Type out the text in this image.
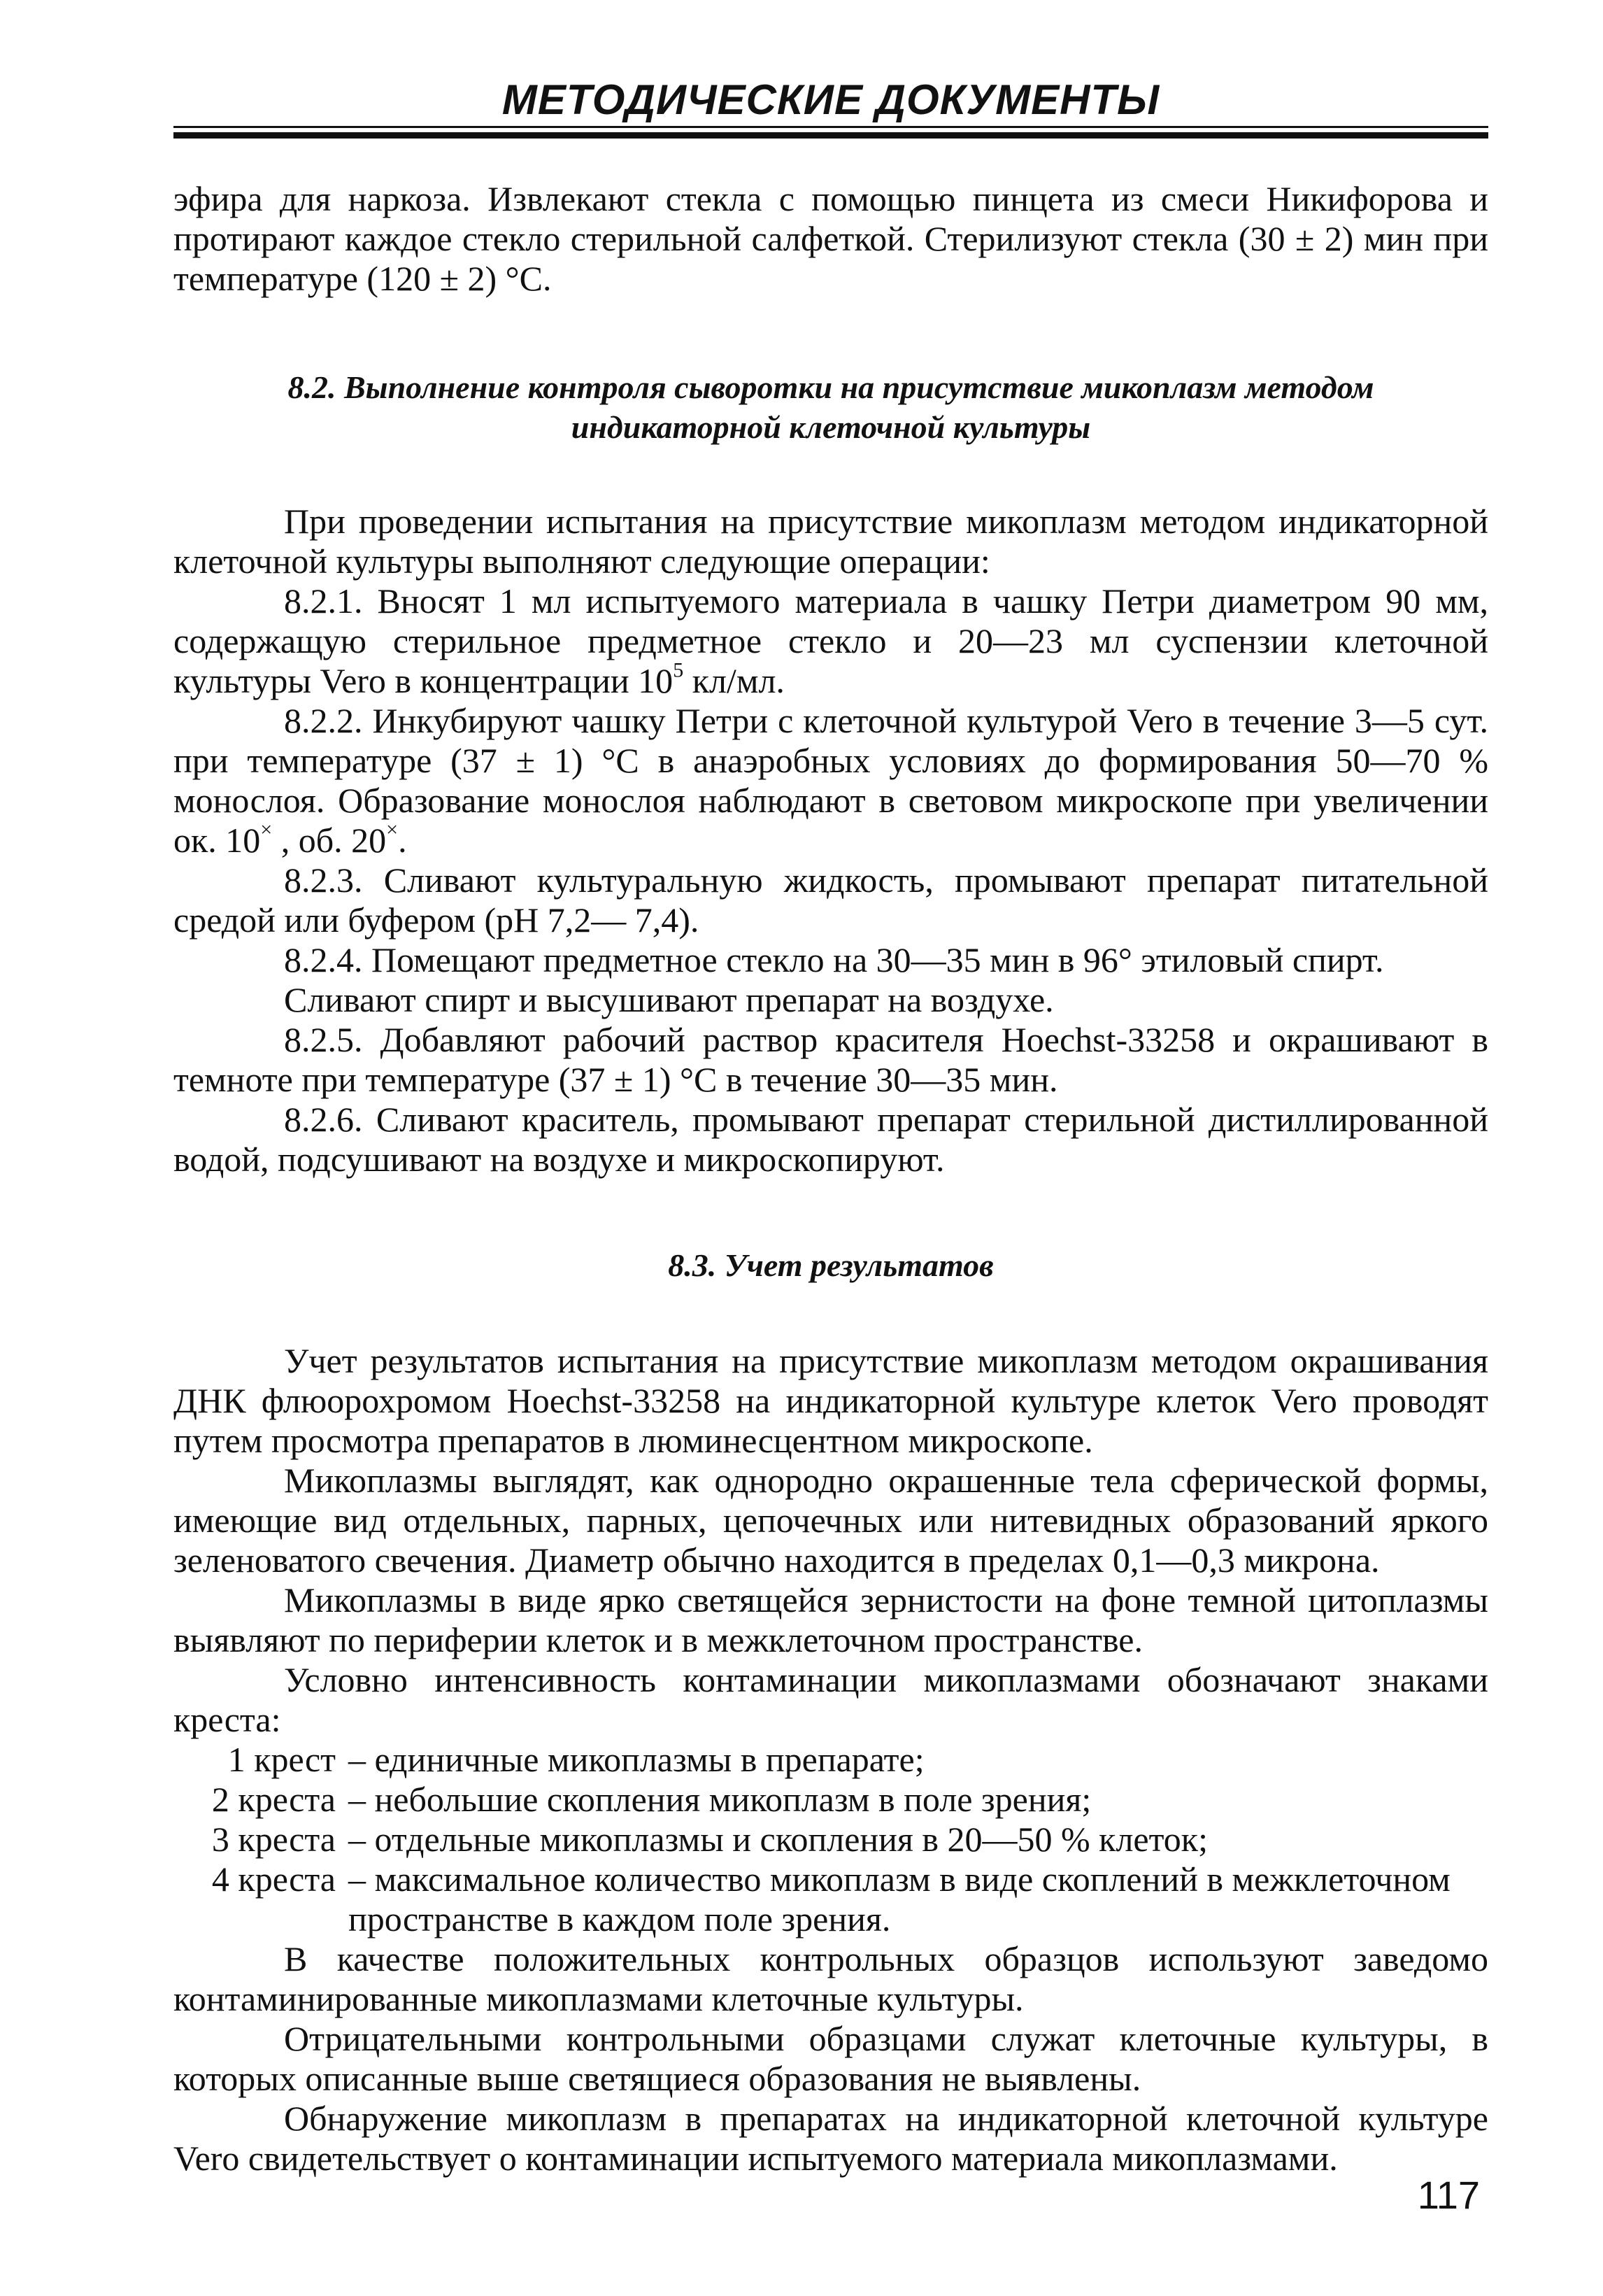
МЕТОДИЧЕСКИЕ ДОКУМЕНТЫ

эфира для наркоза. Извлекают стекла с помощью пинцета из смеси Никифорова и протирают каждое стекло стерильной салфеткой. Стерилизуют стекла (30 ± 2) мин при температуре (120 ± 2) °С.

8.2. Выполнение контроля сыворотки на присутствие микоплазм методом

индикаторной клеточной культуры

При проведении испытания на присутствие микоплазм методом индикаторной клеточной культуры выполняют следующие операции:

8.2.1. Вносят 1 мл испытуемого материала в чашку Петри диаметром 90 мм, содержащую стерильное предметное стекло и 20—23 мл суспензии клеточной культуры Vero в концентрации $10^5$ кл/мл.

8.2.2. Инкубируют чашку Петри с клеточной культурой Vero в течение 3—5 сут. при температуре (37 ± 1) °С в анаэробных условиях до формирования 50—70 % монослоя. Образование монослоя наблюдают в световом микроскопе при увеличении ок. 10× , об. 20×.

8.2.3. Сливают культуральную жидкость, промывают препарат питательной средой или буфером (рН 7,2— 7,4).

8.2.4. Помещают предметное стекло на 30—35 мин в 96° этиловый спирт.

Сливают спирт и высушивают препарат на воздухе.

8.2.5. Добавляют рабочий раствор красителя Hoechst-33258 и окрашивают в темноте при температуре (37 ± 1) °С в течение 30—35 мин.

8.2.6. Сливают краситель, промывают препарат стерильной дистиллированной водой, подсушивают на воздухе и микроскопируют.

8.3. Учет результатов

Учет результатов испытания на присутствие микоплазм методом окрашивания ДНК флюорохромом Hoechst-33258 на индикаторной культуре клеток Vero проводят путем просмотра препаратов в люминесцентном микроскопе.

Микоплазмы выглядят, как однородно окрашенные тела сферической формы, имеющие вид отдельных, парных, цепочечных или нитевидных образований яркого зеленоватого свечения. Диаметр обычно находится в пределах 0,1—0,3 микрона.

Микоплазмы в виде ярко светящейся зернистости на фоне темной цитоплазмы выявляют по периферии клеток и в межклеточном пространстве.

Условно интенсивность контаминации микоплазмами обозначают знаками креста:

1 крест – единичные микоплазмы в препарате;
2 креста – небольшие скопления микоплазм в поле зрения;
3 креста – отдельные микоплазмы и скопления в 20—50 % клеток;
4 креста – максимальное количество микоплазм в виде скоплений в межклеточном пространстве в каждом поле зрения.

В качестве положительных контрольных образцов используют заведомо контаминированные микоплазмами клеточные культуры.

Отрицательными контрольными образцами служат клеточные культуры, в которых описанные выше светящиеся образования не выявлены.

Обнаружение микоплазм в препаратах на индикаторной клеточной культуре Vero свидетельствует о контаминации испытуемого материала микоплазмами.

117
